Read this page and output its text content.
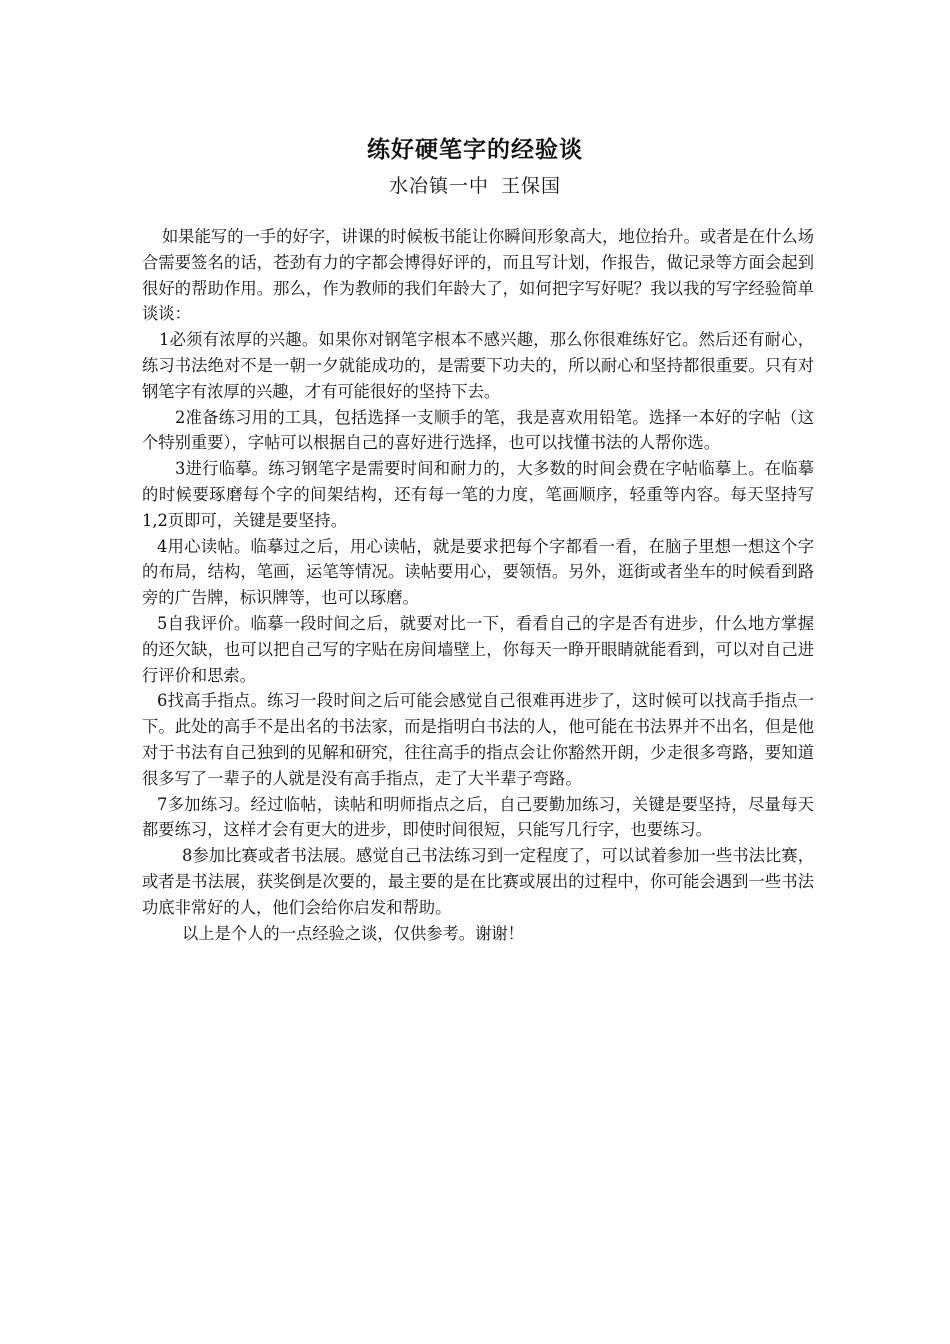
练好硬笔字的经验谈
水冶镇一中 王保国

如果能写的一手的好字，讲课的时候板书能让你瞬间形象高大，地位抬升。或者是在什么场合需要签名的话，苍劲有力的字都会博得好评的，而且写计划，作报告，做记录等方面会起到很好的帮助作用。那么，作为教师的我们年龄大了，如何把字写好呢？我以我的写字经验简单谈谈：

1必须有浓厚的兴趣。如果你对钢笔字根本不感兴趣，那么你很难练好它。然后还有耐心，练习书法绝对不是一朝一夕就能成功的，是需要下功夫的，所以耐心和坚持都很重要。只有对钢笔字有浓厚的兴趣，才有可能很好的坚持下去。

2准备练习用的工具，包括选择一支顺手的笔，我是喜欢用铅笔。选择一本好的字帖（这个特别重要），字帖可以根据自己的喜好进行选择，也可以找懂书法的人帮你选。

3进行临摹。练习钢笔字是需要时间和耐力的，大多数的时间会费在字帖临摹上。在临摹的时候要琢磨每个字的间架结构，还有每一笔的力度，笔画顺序，轻重等内容。每天坚持写1,2页即可，关键是要坚持。

4用心读帖。临摹过之后，用心读帖，就是要求把每个字都看一看，在脑子里想一想这个字的布局，结构，笔画，运笔等情况。读帖要用心，要领悟。另外，逛街或者坐车的时候看到路旁的广告牌，标识牌等，也可以琢磨。

5自我评价。临摹一段时间之后，就要对比一下，看看自己的字是否有进步，什么地方掌握的还欠缺，也可以把自己写的字贴在房间墙壁上，你每天一睁开眼睛就能看到，可以对自己进行评价和思索。

6找高手指点。练习一段时间之后可能会感觉自己很难再进步了，这时候可以找高手指点一下。此处的高手不是出名的书法家，而是指明白书法的人，他可能在书法界并不出名，但是他对于书法有自己独到的见解和研究，往往高手的指点会让你豁然开朗，少走很多弯路，要知道很多写了一辈子的人就是没有高手指点，走了大半辈子弯路。

7多加练习。经过临帖，读帖和明师指点之后，自己要勤加练习，关键是要坚持，尽量每天都要练习，这样才会有更大的进步，即使时间很短，只能写几行字，也要练习。

8参加比赛或者书法展。感觉自己书法练习到一定程度了，可以试着参加一些书法比赛，或者是书法展，获奖倒是次要的，最主要的是在比赛或展出的过程中，你可能会遇到一些书法功底非常好的人，他们会给你启发和帮助。

以上是个人的一点经验之谈，仅供参考。谢谢！
